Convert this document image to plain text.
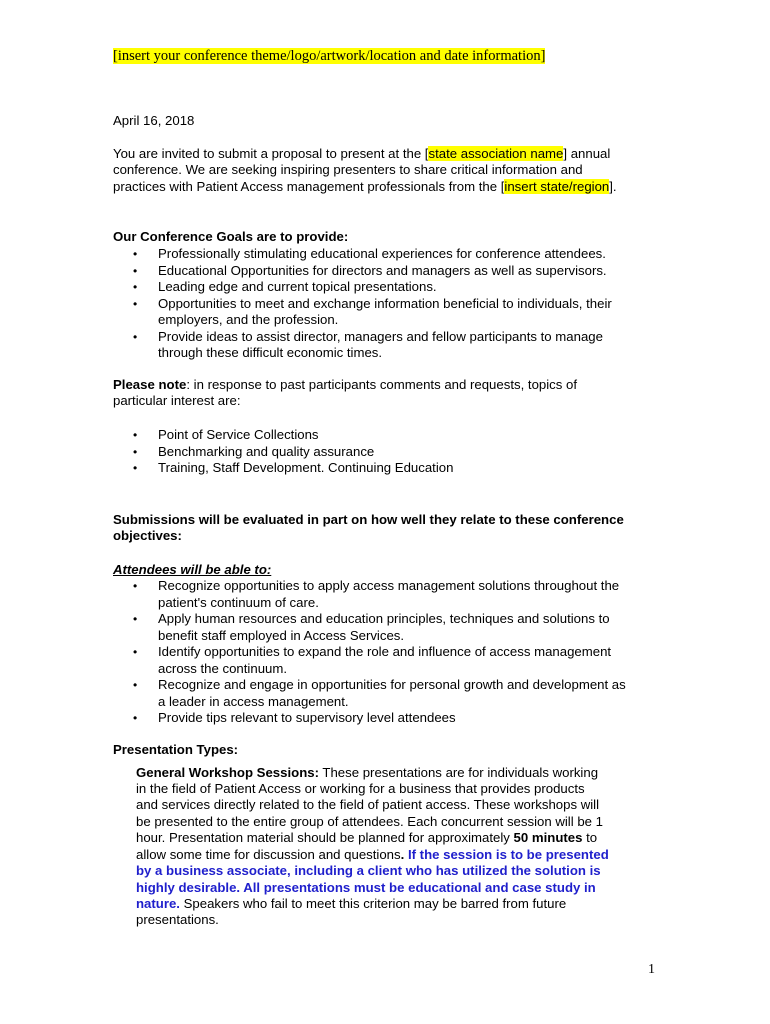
[insert your conference theme/logo/artwork/location and date information]
April 16, 2018
You are invited to submit a proposal to present at the [state association name] annual
conference. We are seeking inspiring presenters to share critical information and
practices with Patient Access management professionals from the [insert state/region].
Our Conference Goals are to provide:
• Professionally stimulating educational experiences for conference attendees.
• Educational Opportunities for directors and managers as well as supervisors.
• Leading edge and current topical presentations.
• Opportunities to meet and exchange information beneficial to individuals, their
employers, and the profession.
• Provide ideas to assist director, managers and fellow participants to manage
through these difficult economic times.
Please note: in response to past participants comments and requests, topics of
particular interest are:
• Point of Service Collections
• Benchmarking and quality assurance
• Training, Staff Development. Continuing Education
Submissions will be evaluated in part on how well they relate to these conference
objectives:
Attendees will be able to:
• Recognize opportunities to apply access management solutions throughout the
patient's continuum of care.
• Apply human resources and education principles, techniques and solutions to
benefit staff employed in Access Services.
• Identify opportunities to expand the role and influence of access management
across the continuum.
• Recognize and engage in opportunities for personal growth and development as
a leader in access management.
• Provide tips relevant to supervisory level attendees
Presentation Types:
General Workshop Sessions: These presentations are for individuals working
in the field of Patient Access or working for a business that provides products
and services directly related to the field of patient access. These workshops will
be presented to the entire group of attendees. Each concurrent session will be 1
hour. Presentation material should be planned for approximately 50 minutes to
allow some time for discussion and questions. If the session is to be presented
by a business associate, including a client who has utilized the solution is
highly desirable. All presentations must be educational and case study in
nature. Speakers who fail to meet this criterion may be barred from future
presentations.
1
